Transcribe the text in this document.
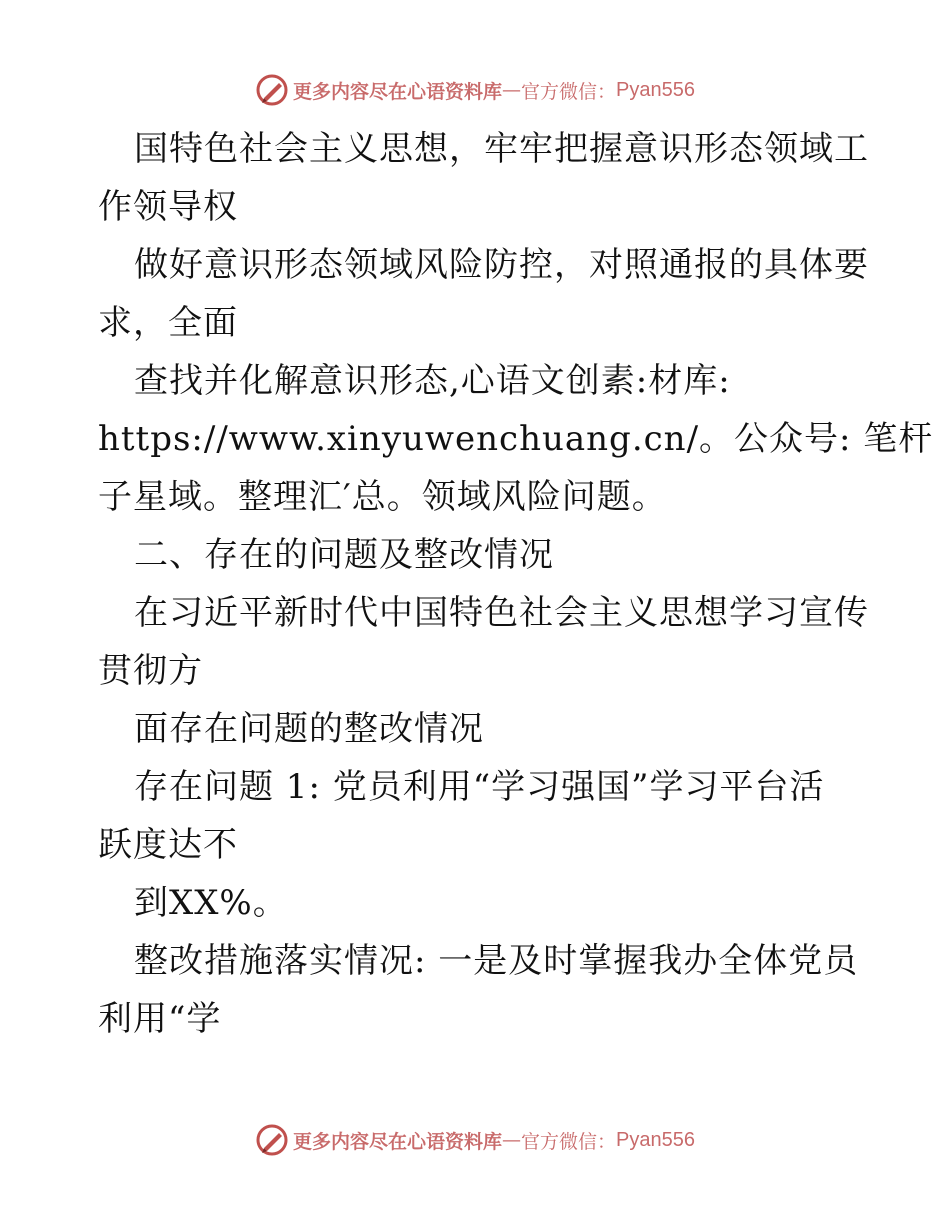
更多内容尽在心语资料库 — 官方微信： Pyan556

国特色社会主义思想，牢牢把握意识形态领域工

作领导权

做好意识形态领域风险防控，对照通报的具体要

求，全面

查找并化解意识形态,心语文创素:材库:

https://www.xinyuwenchuang.cn/。公众号: 笔杆

子星域。整理汇′总。领域风险问题。

二、存在的问题及整改情况

在习近平新时代中国特色社会主义思想学习宣传

贯彻方

面存在问题的整改情况

存在问题 1: 党员利用“学习强国”学习平台活

跃度达不

到XX%。

整改措施落实情况: 一是及时掌握我办全体党员

利用“学

更多内容尽在心语资料库 — 官方微信： Pyan556
